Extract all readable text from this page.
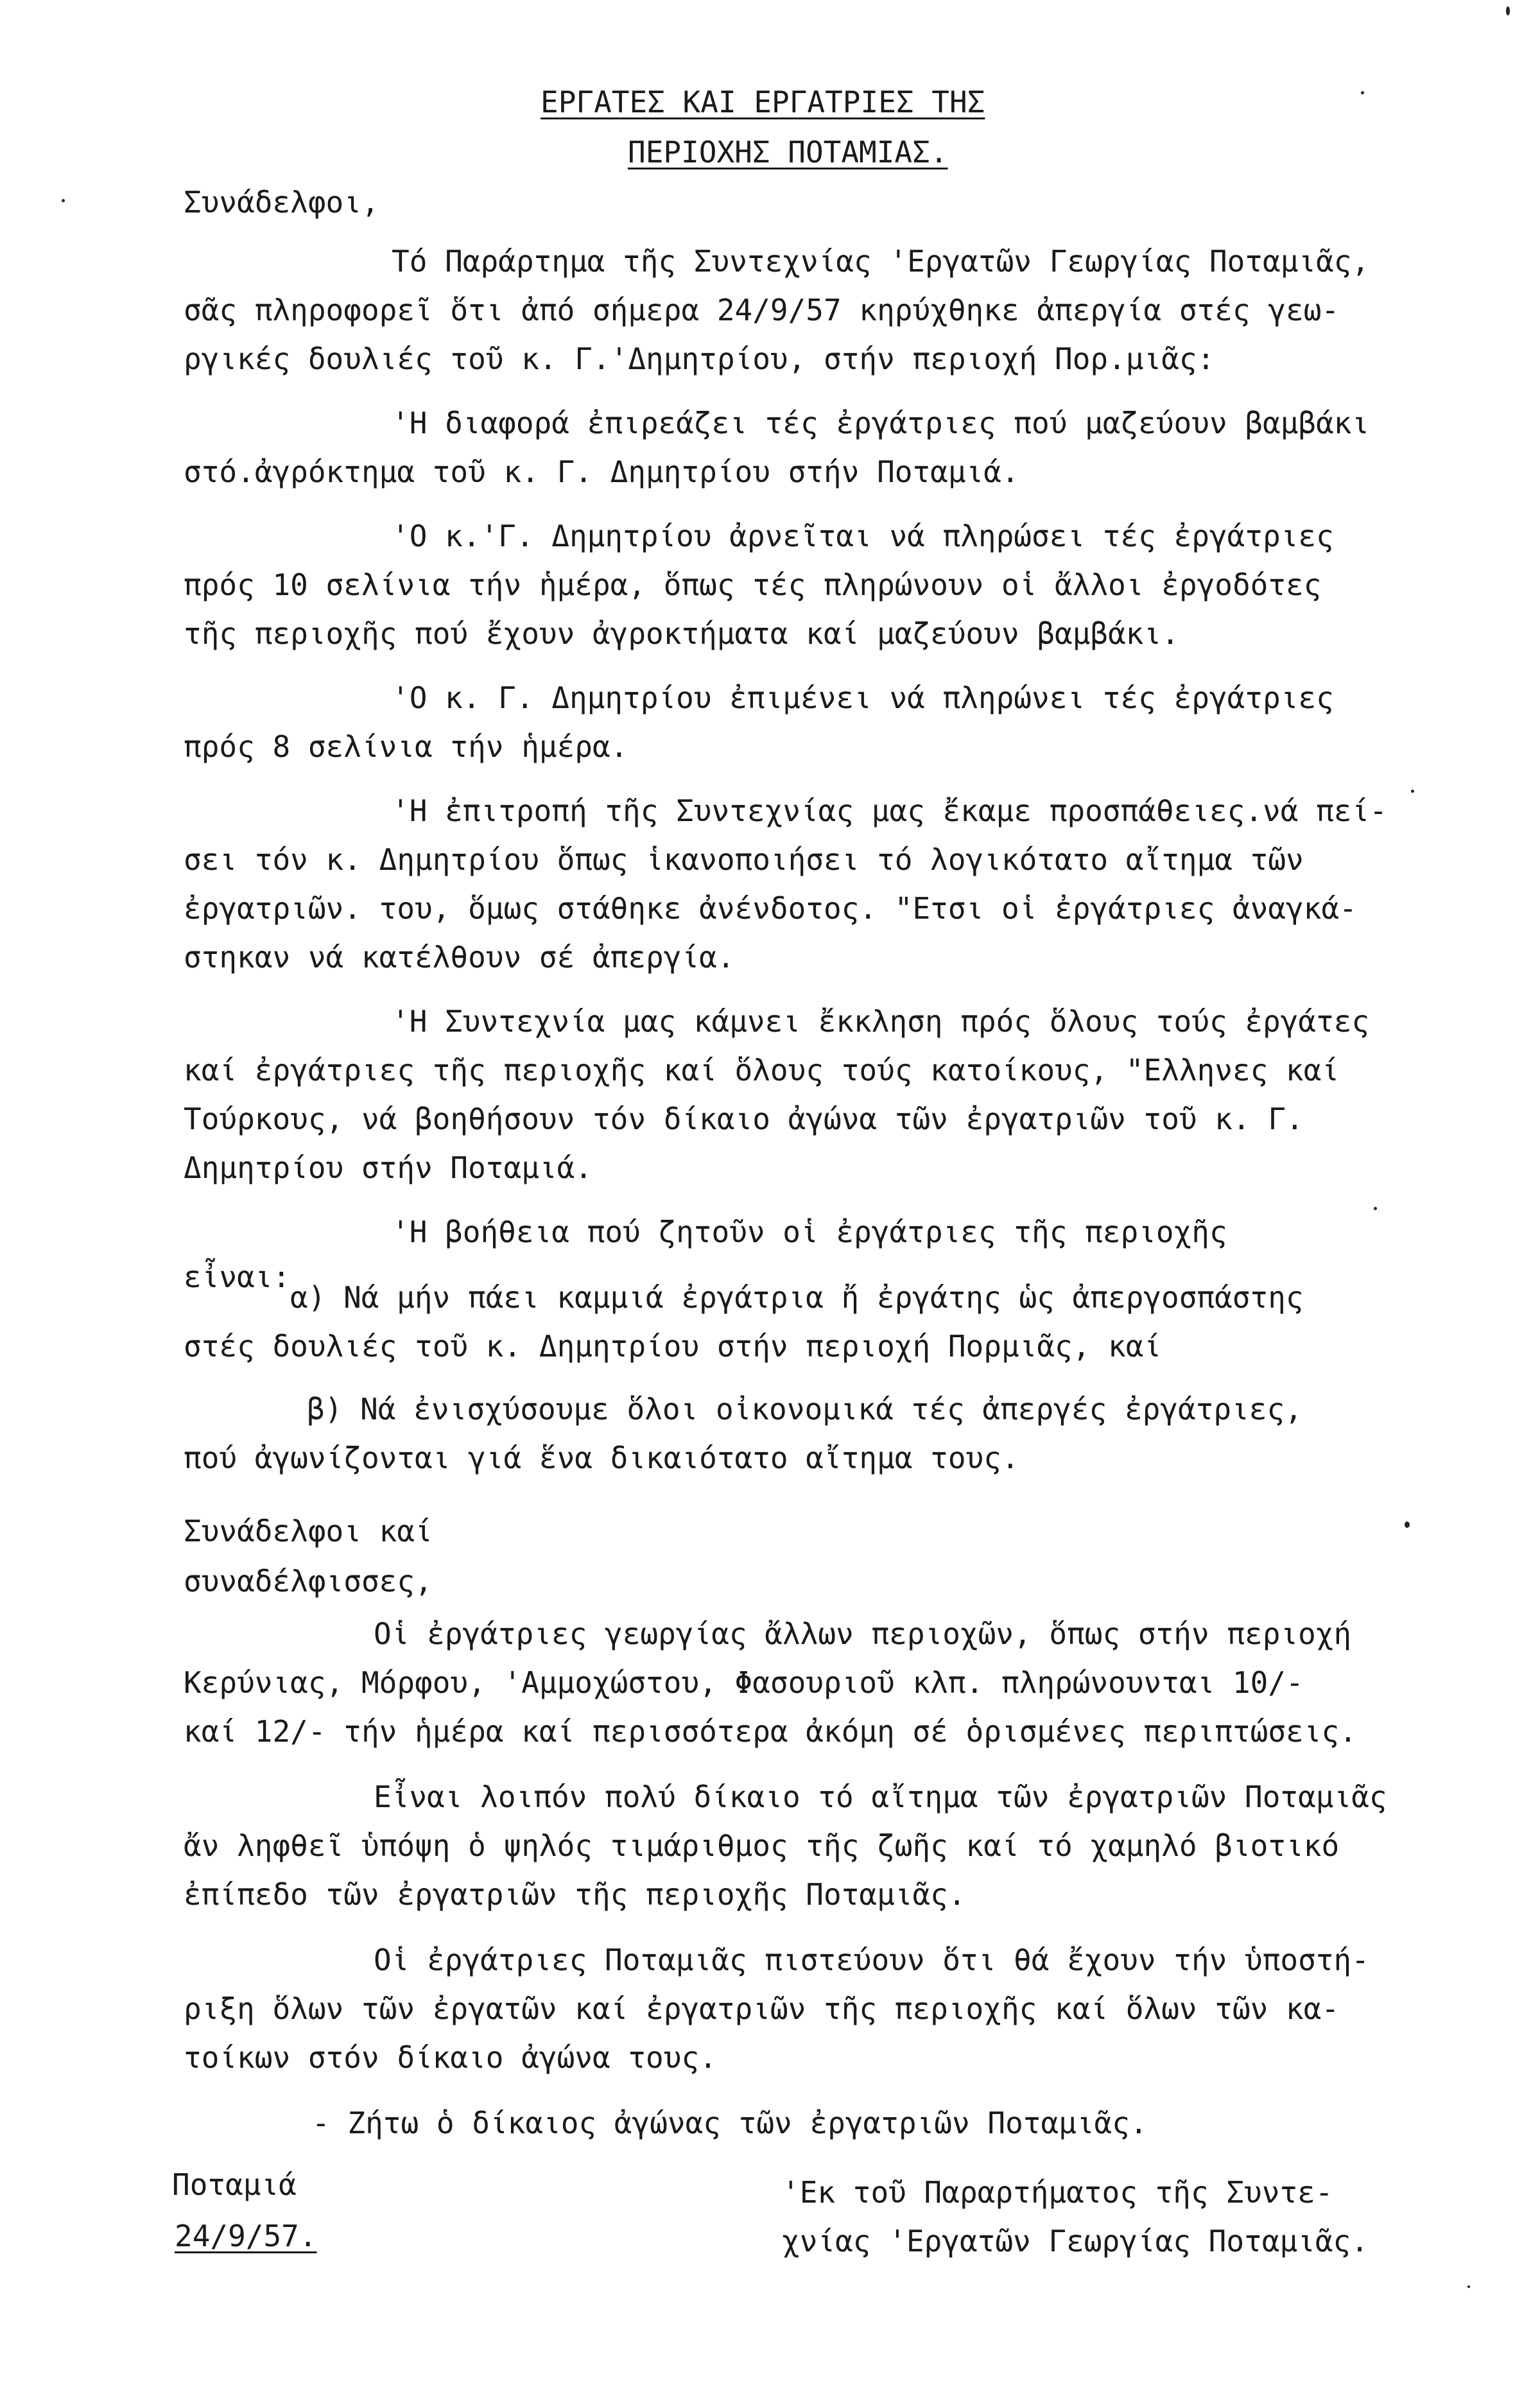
ΕΡΓΑΤΕΣ ΚΑΙ ΕΡΓΑΤΡΙΕΣ ΤΗΣ
ΠΕΡΙΟΧΗΣ ΠΟΤΑΜΙΑΣ.
Συνάδελφοι,
Τό Παράρτημα τῆς Συντεχνίας 'Εργατῶν Γεωργίας Ποταμιᾶς,
σᾶς πληροφορεῖ ὅτι ἀπό σήμερα 24/9/57 κηρύχθηκε ἀπεργία στές γεω-
ργικές δουλιές τοῦ κ. Γ.'Δημητρίου, στήν περιοχή Πορ.μιᾶς:
'Η διαφορά ἐπιρεάζει τές ἐργάτριες πού μαζεύουν βαμβάκι
στό.ἀγρόκτημα τοῦ κ. Γ. Δημητρίου στήν Ποταμιά.
'Ο κ.'Γ. Δημητρίου ἀρνεῖται νά πληρώσει τές ἐργάτριες
πρός 10 σελίνια τήν ἡμέρα, ὅπως τές πληρώνουν οἱ ἄλλοι ἐργοδότες
τῆς περιοχῆς πού ἔχουν ἀγροκτήματα καί μαζεύουν βαμβάκι.
'Ο κ. Γ. Δημητρίου ἐπιμένει νά πληρώνει τές ἐργάτριες
πρός 8 σελίνια τήν ἡμέρα.
'Η ἐπιτροπή τῆς Συντεχνίας μας ἔκαμε προσπάθειες.νά πεί-
σει τόν κ. Δημητρίου ὅπως ἱκανοποιήσει τό λογικότατο αἴτημα τῶν
ἐργατριῶν. του, ὅμως στάθηκε ἀνένδοτος. "Ετσι οἱ ἐργάτριες ἀναγκά-
στηκαν νά κατέλθουν σέ ἀπεργία.
'Η Συντεχνία μας κάμνει ἔκκληση πρός ὅλους τούς ἐργάτες
καί ἐργάτριες τῆς περιοχῆς καί ὅλους τούς κατοίκους, "Ελληνες καί
Τούρκους, νά βοηθήσουν τόν δίκαιο ἀγώνα τῶν ἐργατριῶν τοῦ κ. Γ.
Δημητρίου στήν Ποταμιά.
'Η βοήθεια πού ζητοῦν οἱ ἐργάτριες τῆς περιοχῆς
εἶναι:
α) Νά μήν πάει καμμιά ἐργάτρια ἤ ἐργάτης ὡς ἀπεργοσπάστης
στές δουλιές τοῦ κ. Δημητρίου στήν περιοχή Πορμιᾶς, καί
β) Νά ἐνισχύσουμε ὅλοι οἰκονομικά τές ἀπεργές ἐργάτριες,
πού ἀγωνίζονται γιά ἕνα δικαιότατο αἴτημα τους.
Συνάδελφοι καί
συναδέλφισσες,
Οἱ ἐργάτριες γεωργίας ἄλλων περιοχῶν, ὅπως στήν περιοχή
Κερύνιας, Μόρφου, 'Αμμοχώστου, Φασουριοῦ κλπ. πληρώνουνται 10/-
καί 12/- τήν ἡμέρα καί περισσότερα ἀκόμη σέ ὁρισμένες περιπτώσεις.
Εἶναι λοιπόν πολύ δίκαιο τό αἴτημα τῶν ἐργατριῶν Ποταμιᾶς
ἄν ληφθεῖ ὑπόψη ὁ ψηλός τιμάριθμος τῆς ζωῆς καί τό χαμηλό βιοτικό
ἐπίπεδο τῶν ἐργατριῶν τῆς περιοχῆς Ποταμιᾶς.
Οἱ ἐργάτριες Ποταμιᾶς πιστεύουν ὅτι θά ἔχουν τήν ὑποστή-
ριξη ὅλων τῶν ἐργατῶν καί ἐργατριῶν τῆς περιοχῆς καί ὅλων τῶν κα-
τοίκων στόν δίκαιο ἀγώνα τους.
- Ζήτω ὁ δίκαιος ἀγώνας τῶν ἐργατριῶν Ποταμιᾶς.
Ποταμιά
24/9/57.
'Εκ τοῦ Παραρτήματος τῆς Συντε-
χνίας 'Εργατῶν Γεωργίας Ποταμιᾶς.
